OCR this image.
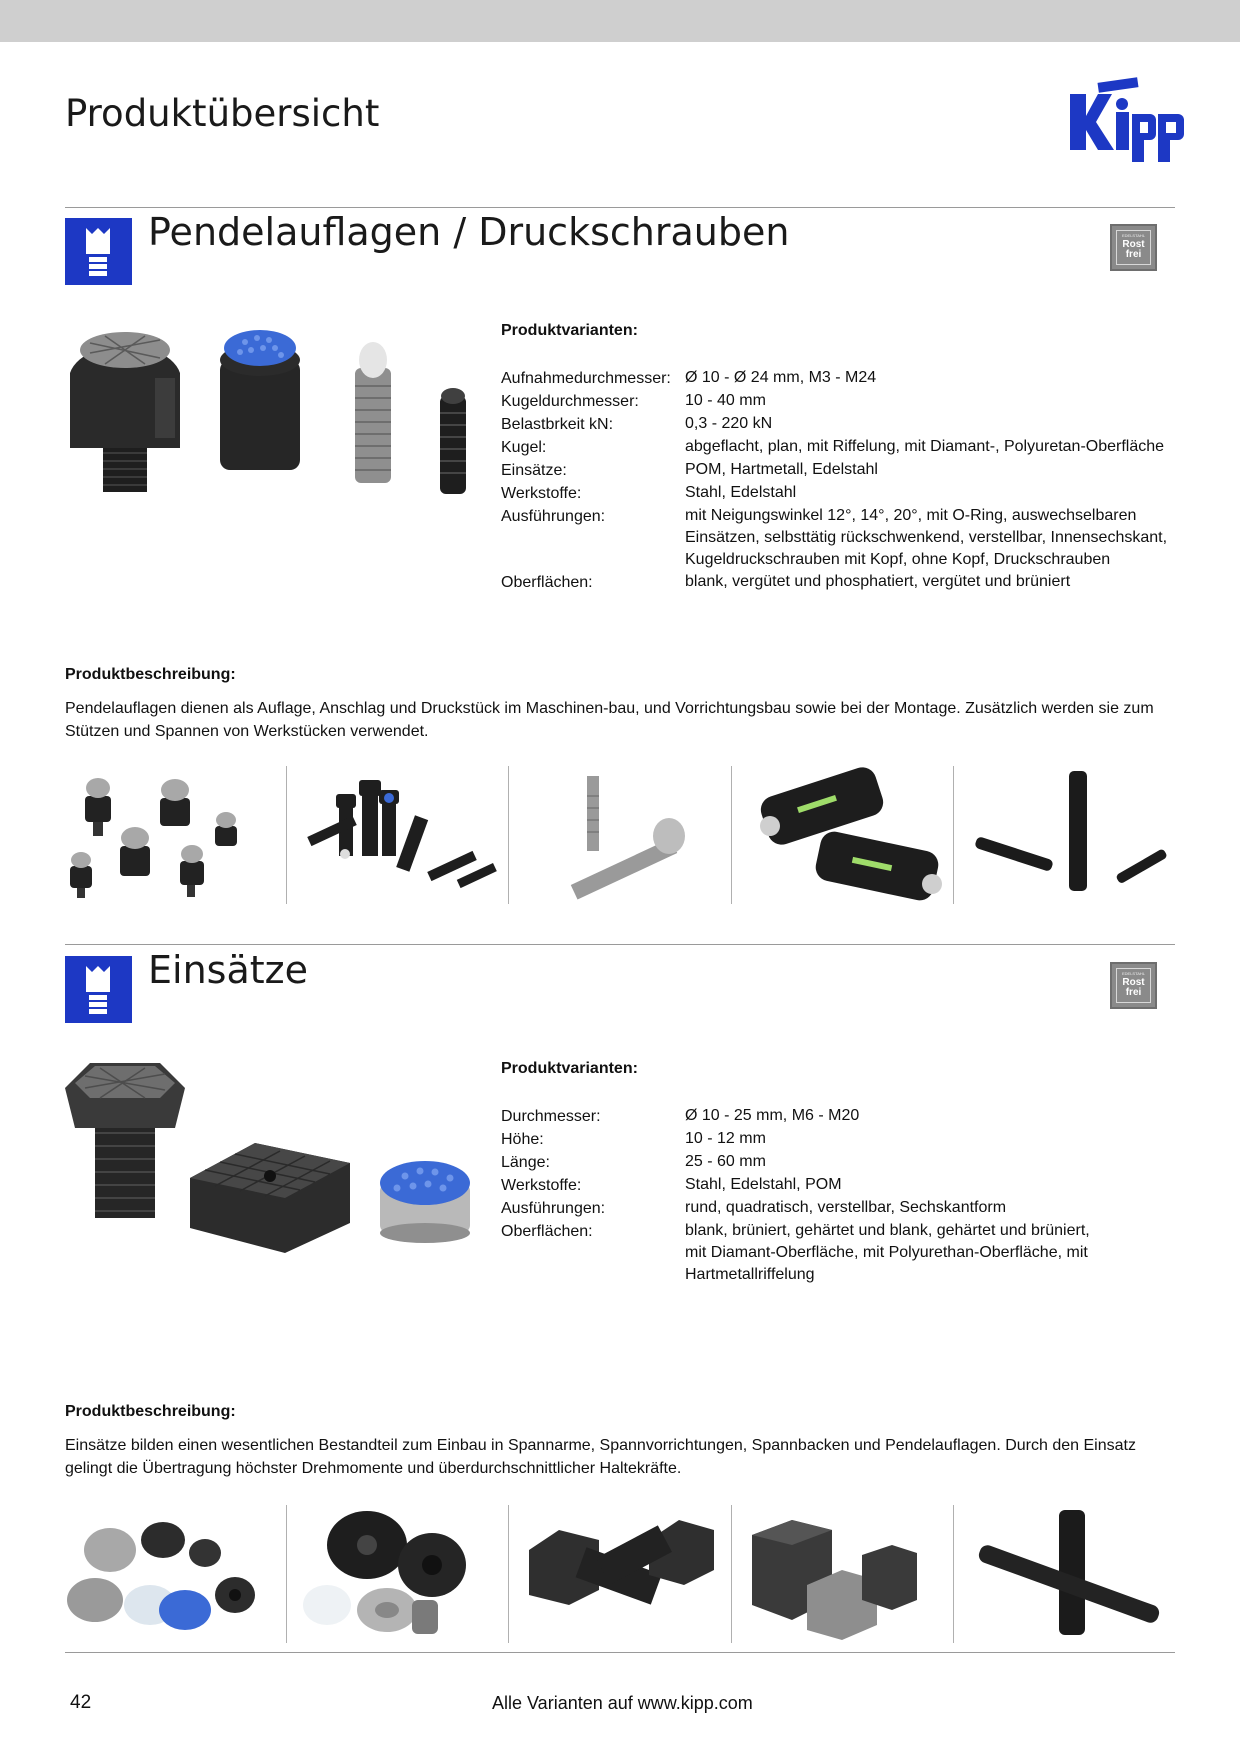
Produktübersicht
Pendelauflagen / Druckschrauben	EDELSTAHL
Rost
frei
Produktvarianten:
Aufnahmedurchmesser: Ø 10 - Ø 24 mm, M3 - M24
Kugeldurchmesser:	10 - 40 mm
Belastbrkeit kN:	0,3 - 220 kN
Kugel:	abgeflacht, plan, mit Riffelung, mit Diamant-, Polyuretan-Oberfläche
Einsätze:	POM, Hartmetall, Edelstahl
Werkstoffe:	Stahl, Edelstahl
Ausführungen:	mit Neigungswinkel 12°, 14°, 20°, mit O-Ring, auswechselbaren
Einsätzen, selbsttätig rückschwenkend, verstellbar, Innensechskant,
Kugeldruckschrauben mit Kopf, ohne Kopf, Druckschrauben
Oberflächen:	blank, vergütet und phosphatiert, vergütet und brüniert
Produktbeschreibung:
Pendelauflagen dienen als Auflage, Anschlag und Druckstück im Maschinen-bau, und Vorrichtungsbau sowie bei der Montage. Zusätzlich werden sie zum Stützen und Spannen von Werkstücken verwendet.
Einsätze	EDELSTAHL
Rost
frei
Produktvarianten:
Durchmesser:	Ø 10 - 25 mm, M6 - M20
Höhe:	10 - 12 mm
Länge:	25 - 60 mm
Werkstoffe:	Stahl, Edelstahl, POM
Ausführungen:	rund, quadratisch, verstellbar, Sechskantform
Oberflächen:	blank, brüniert, gehärtet und blank, gehärtet und brüniert,
mit Diamant-Oberfläche, mit Polyurethan-Oberfläche, mit
Hartmetallriffelung
Produktbeschreibung:
Einsätze bilden einen wesentlichen Bestandteil zum Einbau in Spannarme, Spannvorrichtungen, Spannbacken und Pendelauflagen. Durch den Einsatz gelingt die Übertragung höchster Drehmomente und überdurchschnittlicher Haltekräfte.
42	Alle Varianten auf www.kipp.com
